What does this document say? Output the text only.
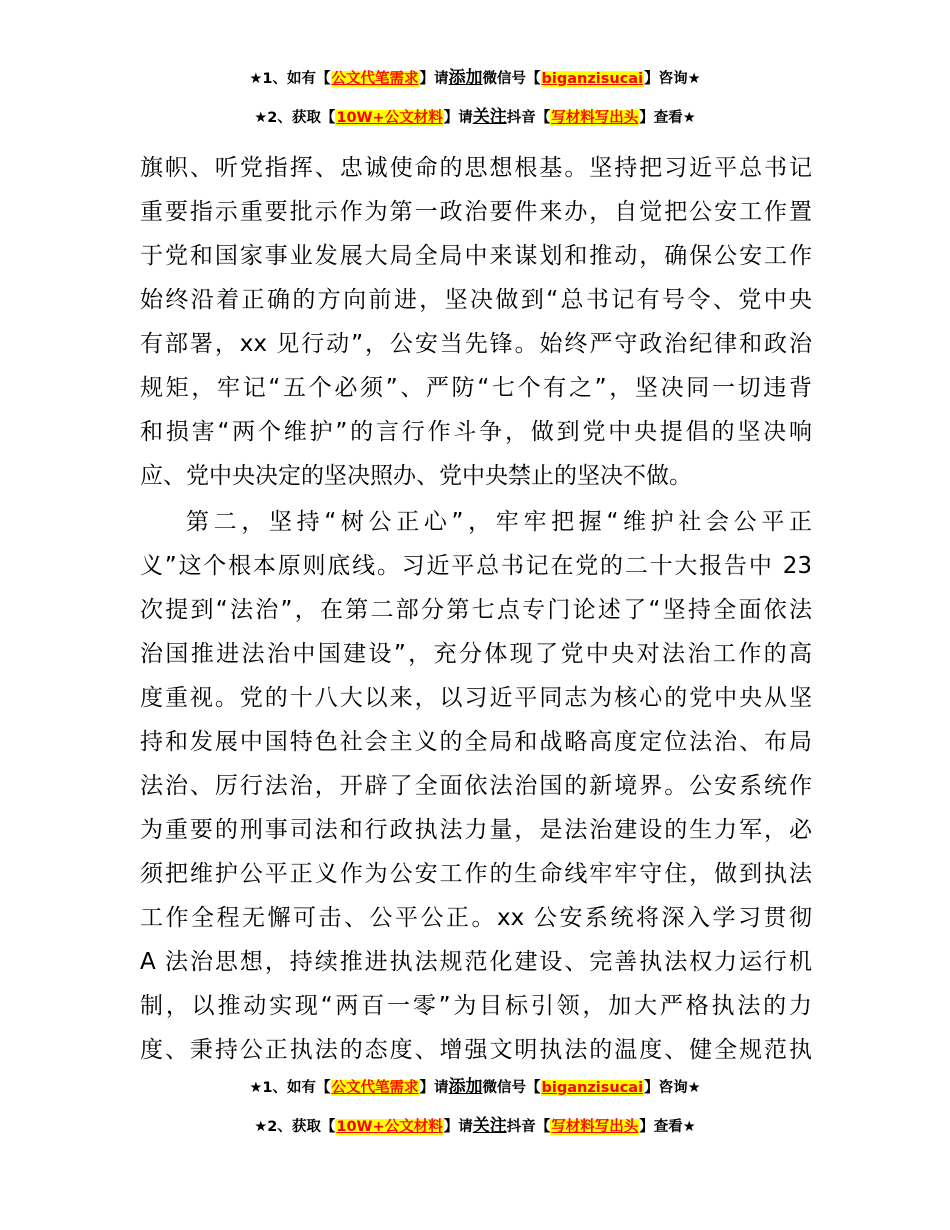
★1、如有【公文代笔需求】请添加微信号【biganzisucai】咨询★
★2、获取【10W+公文材料】请关注抖音【写材料写出头】查看★
旗帜、听党指挥、忠诚使命的思想根基。坚持把习近平总书记
重要指示重要批示作为第一政治要件来办，自觉把公安工作置
于党和国家事业发展大局全局中来谋划和推动，确保公安工作
始终沿着正确的方向前进，坚决做到“总书记有号令、党中央
有部署，xx 见行动”，公安当先锋。始终严守政治纪律和政治
规矩，牢记“五个必须”、严防“七个有之”，坚决同一切违背
和损害“两个维护”的言行作斗争，做到党中央提倡的坚决响
应、党中央决定的坚决照办、党中央禁止的坚决不做。
第二，坚持“树公正心”，牢牢把握“维护社会公平正
义”这个根本原则底线。习近平总书记在党的二十大报告中 23
次提到“法治”，在第二部分第七点专门论述了“坚持全面依法
治国推进法治中国建设”，充分体现了党中央对法治工作的高
度重视。党的十八大以来，以习近平同志为核心的党中央从坚
持和发展中国特色社会主义的全局和战略高度定位法治、布局
法治、厉行法治，开辟了全面依法治国的新境界。公安系统作
为重要的刑事司法和行政执法力量，是法治建设的生力军，必
须把维护公平正义作为公安工作的生命线牢牢守住，做到执法
工作全程无懈可击、公平公正。xx 公安系统将深入学习贯彻
A 法治思想，持续推进执法规范化建设、完善执法权力运行机
制，以推动实现“两百一零”为目标引领，加大严格执法的力
度、秉持公正执法的态度、增强文明执法的温度、健全规范执
★1、如有【公文代笔需求】请添加微信号【biganzisucai】咨询★
★2、获取【10W+公文材料】请关注抖音【写材料写出头】查看★
